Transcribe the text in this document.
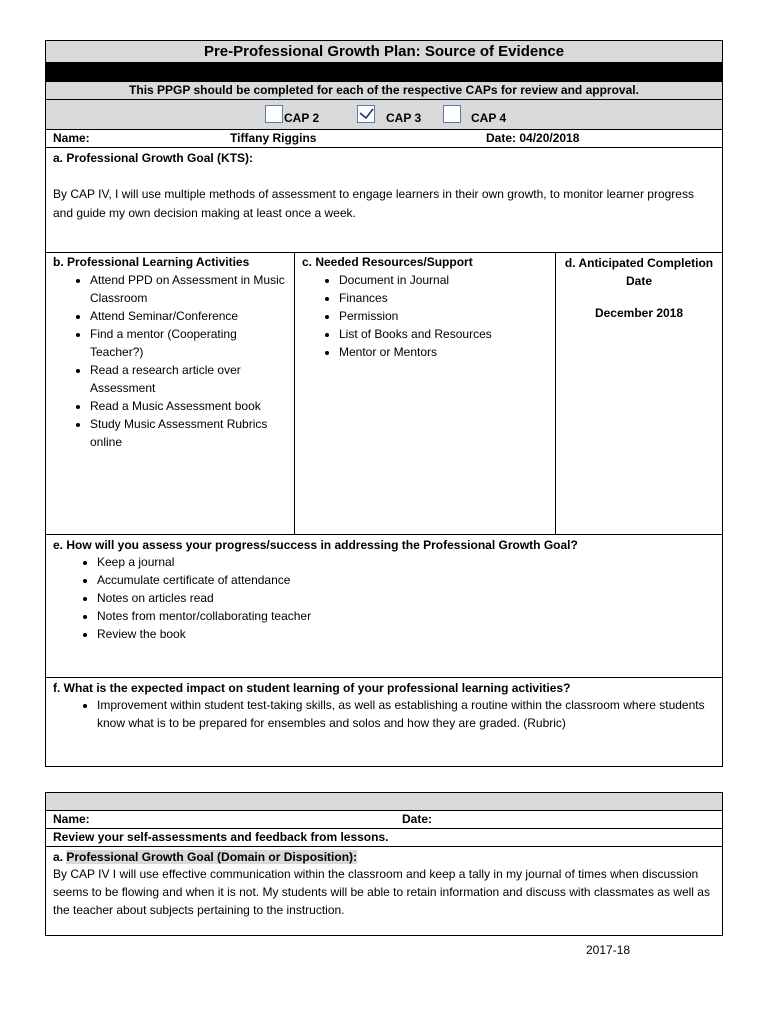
Pre-Professional Growth Plan: Source of Evidence
This PPGP should be completed for each of the respective CAPs for review and approval.
CAP 2	CAP 3	CAP 4
Name:	Tiffany Riggins	Date: 04/20/2018
a. Professional Growth Goal (KTS):
By CAP IV, I will use multiple methods of assessment to engage learners in their own growth, to monitor learner progress and guide my own decision making at least once a week.
b. Professional Learning Activities
• Attend PPD on Assessment in Music Classroom
• Attend Seminar/Conference
• Find a mentor (Cooperating Teacher?)
• Read a research article over Assessment
• Read a Music Assessment book
• Study Music Assessment Rubrics online
c. Needed Resources/Support
• Document in Journal
• Finances
• Permission
• List of Books and Resources
• Mentor or Mentors
d. Anticipated Completion Date
December 2018
e. How will you assess your progress/success in addressing the Professional Growth Goal?
• Keep a journal
• Accumulate certificate of attendance
• Notes on articles read
• Notes from mentor/collaborating teacher
• Review the book
f. What is the expected impact on student learning of your professional learning activities?
• Improvement within student test-taking skills, as well as establishing a routine within the classroom where students know what is to be prepared for ensembles and solos and how they are graded. (Rubric)
Name:	Date:
Review your self-assessments and feedback from lessons.
a. Professional Growth Goal (Domain or Disposition):
By CAP IV I will use effective communication within the classroom and keep a tally in my journal of times when discussion seems to be flowing and when it is not. My students will be able to retain information and discuss with classmates as well as the teacher about subjects pertaining to the instruction.
2017-18
